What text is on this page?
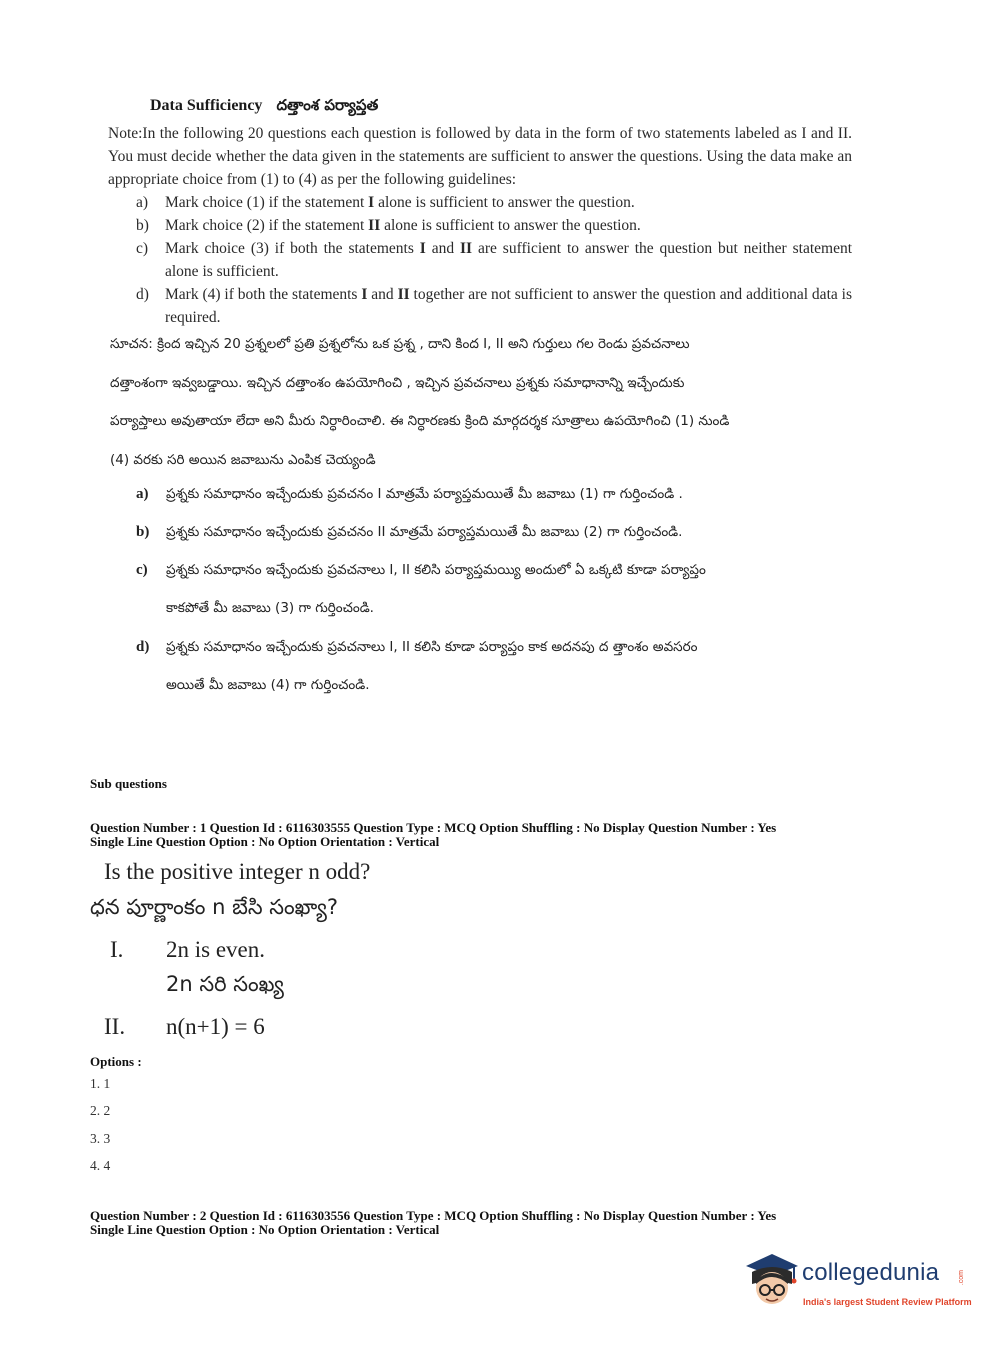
Data Sufficiency దత్తాంశ పర్యాప్తత
Note:In the following 20 questions each question is followed by data in the form of two statements labeled as I and II. You must decide whether the data given in the statements are sufficient to answer the questions. Using the data make an appropriate choice from (1) to (4) as per the following guidelines:
a)	Mark choice (1) if the statement I alone is sufficient to answer the question.
b)	Mark choice (2) if the statement II alone is sufficient to answer the question.
c)	Mark choice (3) if both the statements I and II are sufficient to answer the question but neither statement alone is sufficient.
d)	Mark (4) if both the statements I and II together are not sufficient to answer the question and additional data is required.
సూచన: క్రింద ఇచ్చిన 20 ప్రశ్నలలో ప్రతి ప్రశ్నలోను ఒక ప్రశ్న , దాని కింద I, II అని గుర్తులు గల రెండు ప్రవచనాలు
దత్తాంశంగా ఇవ్వబడ్డాయి. ఇచ్చిన దత్తాంశం ఉపయోగించి , ఇచ్చిన ప్రవచనాలు ప్రశ్నకు సమాధానాన్ని ఇచ్చేందుకు
పర్యాప్తాలు అవుతాయా లేదా అని మీరు నిర్ధారించాలి. ఈ నిర్ధారణకు క్రింది మార్గదర్శక సూత్రాలు ఉపయోగించి (1) నుండి
(4) వరకు సరి అయిన జవాబును ఎంపిక చెయ్యండి
a)	ప్రశ్నకు సమాధానం ఇచ్చేందుకు ప్రవచనం I మాత్రమే పర్యాప్తమయితే మీ జవాబు (1) గా గుర్తించండి .
b)	ప్రశ్నకు సమాధానం ఇచ్చేందుకు ప్రవచనం II మాత్రమే పర్యాప్తమయితే మీ జవాబు (2) గా గుర్తించండి.
c)	ప్రశ్నకు సమాధానం ఇచ్చేందుకు ప్రవచనాలు I, II కలిసి పర్యాప్తమయ్యి అందులో ఏ ఒక్కటి కూడా పర్యాప్తం
కాకపోతే మీ జవాబు (3) గా గుర్తించండి.
d)	ప్రశ్నకు సమాధానం ఇచ్చేందుకు ప్రవచనాలు I, II కలిసి కూడా పర్యాప్తం కాక అదనపు ద త్తాంశం అవసరం
అయితే మీ జవాబు (4) గా గుర్తించండి.
Sub questions
Question Number : 1 Question Id : 6116303555 Question Type : MCQ Option Shuffling : No Display Question Number : Yes
Single Line Question Option : No Option Orientation : Vertical
Is the positive integer n odd?
ధన పూర్ణాంకం n బేసి సంఖ్యా?
I. 2n is even.
2n సరి సంఖ్య
II. n(n+1) = 6
Options :
1. 1
2. 2
3. 3
4. 4
Question Number : 2 Question Id : 6116303556 Question Type : MCQ Option Shuffling : No Display Question Number : Yes
Single Line Question Option : No Option Orientation : Vertical
collegedunia	.com
India's largest Student Review Platform
